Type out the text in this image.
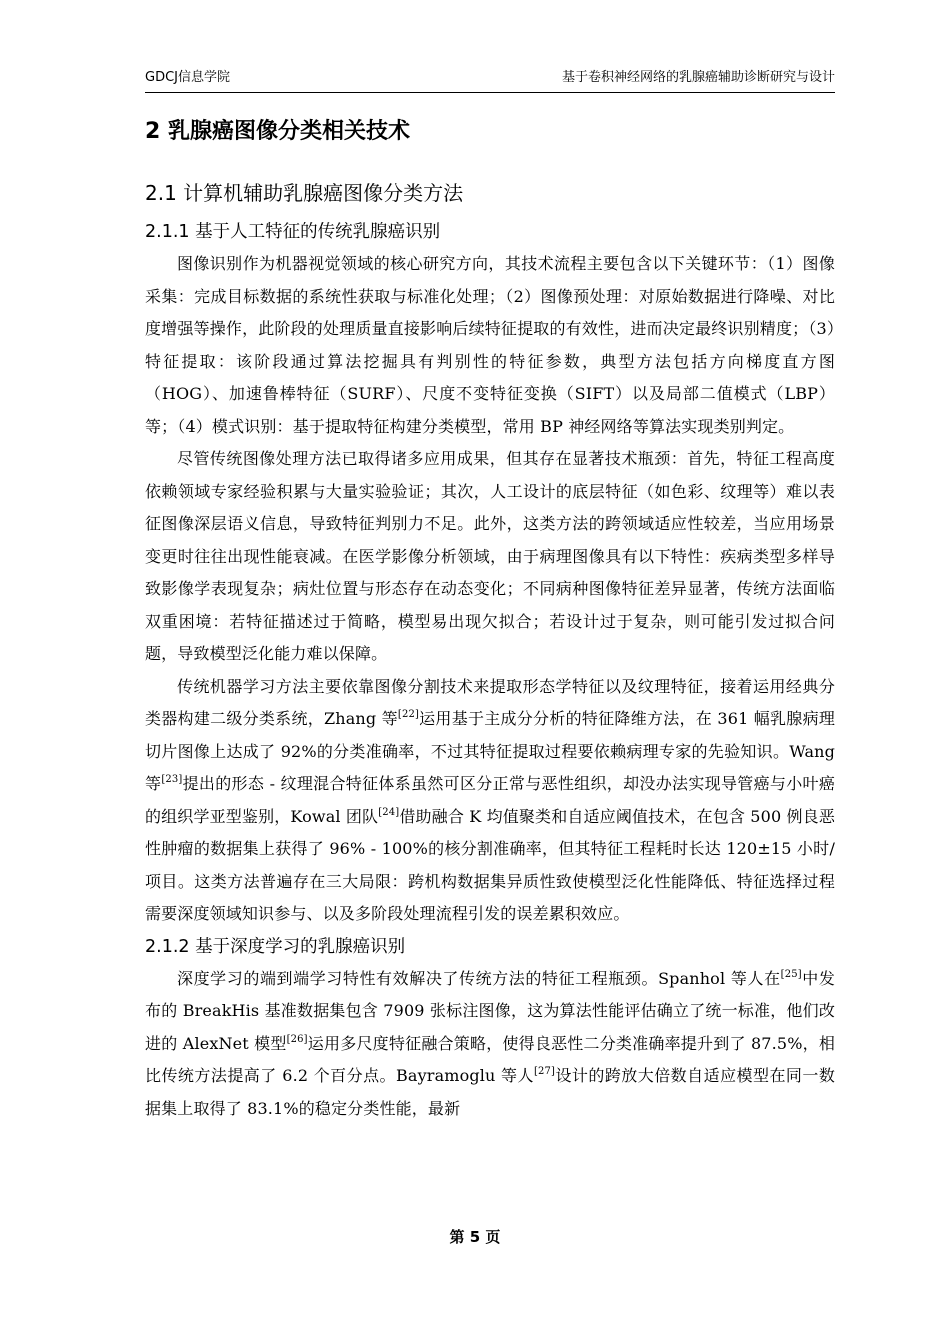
GDCJ信息学院	基于卷积神经网络的乳腺癌辅助诊断研究与设计
2 乳腺癌图像分类相关技术
2.1 计算机辅助乳腺癌图像分类方法
2.1.1 基于人工特征的传统乳腺癌识别

图像识别作为机器视觉领域的核心研究方向，其技术流程主要包含以下关键环节：（1）图像采集：完成目标数据的系统性获取与标准化处理；（2）图像预处理：对原始数据进行降噪、对比度增强等操作，此阶段的处理质量直接影响后续特征提取的有效性，进而决定最终识别精度；（3）特征提取：该阶段通过算法挖掘具有判别性的特征参数，典型方法包括方向梯度直方图（HOG）、加速鲁棒特征（SURF）、尺度不变特征变换（SIFT）以及局部二值模式（LBP）等；（4）模式识别：基于提取特征构建分类模型，常用 BP 神经网络等算法实现类别判定。

尽管传统图像处理方法已取得诸多应用成果，但其存在显著技术瓶颈：首先，特征工程高度依赖领域专家经验积累与大量实验验证；其次，人工设计的底层特征（如色彩、纹理等）难以表征图像深层语义信息，导致特征判别力不足。此外，这类方法的跨领域适应性较差，当应用场景变更时往往出现性能衰减。在医学影像分析领域，由于病理图像具有以下特性：疾病类型多样导致影像学表现复杂；病灶位置与形态存在动态变化；不同病种图像特征差异显著，传统方法面临双重困境：若特征描述过于简略，模型易出现欠拟合；若设计过于复杂，则可能引发过拟合问题，导致模型泛化能力难以保障。

传统机器学习方法主要依靠图像分割技术来提取形态学特征以及纹理特征，接着运用经典分类器构建二级分类系统，Zhang 等[22]运用基于主成分分析的特征降维方法，在 361 幅乳腺病理切片图像上达成了 92%的分类准确率，不过其特征提取过程要依赖病理专家的先验知识。Wang 等[23]提出的形态 - 纹理混合特征体系虽然可区分正常与恶性组织，却没办法实现导管癌与小叶癌的组织学亚型鉴别，Kowal 团队[24]借助融合 K 均值聚类和自适应阈值技术，在包含 500 例良恶性肿瘤的数据集上获得了 96% - 100%的核分割准确率，但其特征工程耗时长达 120±15 小时/项目。这类方法普遍存在三大局限：跨机构数据集异质性致使模型泛化性能降低、特征选择过程需要深度领域知识参与、以及多阶段处理流程引发的误差累积效应。

2.1.2 基于深度学习的乳腺癌识别

深度学习的端到端学习特性有效解决了传统方法的特征工程瓶颈。Spanhol 等人在[25]中发布的 BreakHis 基准数据集包含 7909 张标注图像，这为算法性能评估确立了统一标准，他们改进的 AlexNet 模型[26]运用多尺度特征融合策略，使得良恶性二分类准确率提升到了 87.5%，相比传统方法提高了 6.2 个百分点。Bayramoglu 等人[27]设计的跨放大倍数自适应模型在同一数据集上取得了 83.1%的稳定分类性能，最新

第 5 页
